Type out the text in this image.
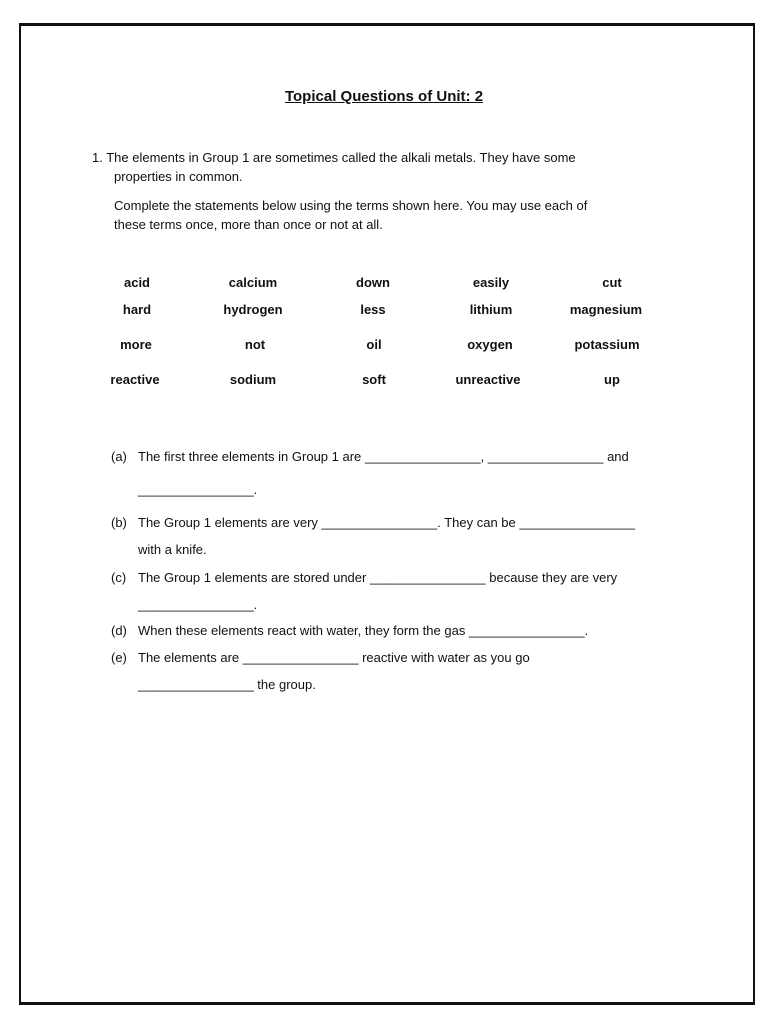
Topical Questions of Unit: 2

1. The elements in Group 1 are sometimes called the alkali metals. They have some
properties in common.

Complete the statements below using the terms shown here. You may use each of
these terms once, more than once or not at all.

acid	calcium	down	easily	cut
hard	hydrogen	less	lithium	magnesium
more	not	oil	oxygen	potassium
reactive	sodium	soft	unreactive	up
(a) The first three elements in Group 1 are ________________, ________________ and
________________.
(b) The Group 1 elements are very ________________. They can be ________________
with a knife.
(c) The Group 1 elements are stored under ________________ because they are very
________________.
(d) When these elements react with water, they form the gas ________________.
(e) The elements are ________________ reactive with water as you go
________________ the group.
